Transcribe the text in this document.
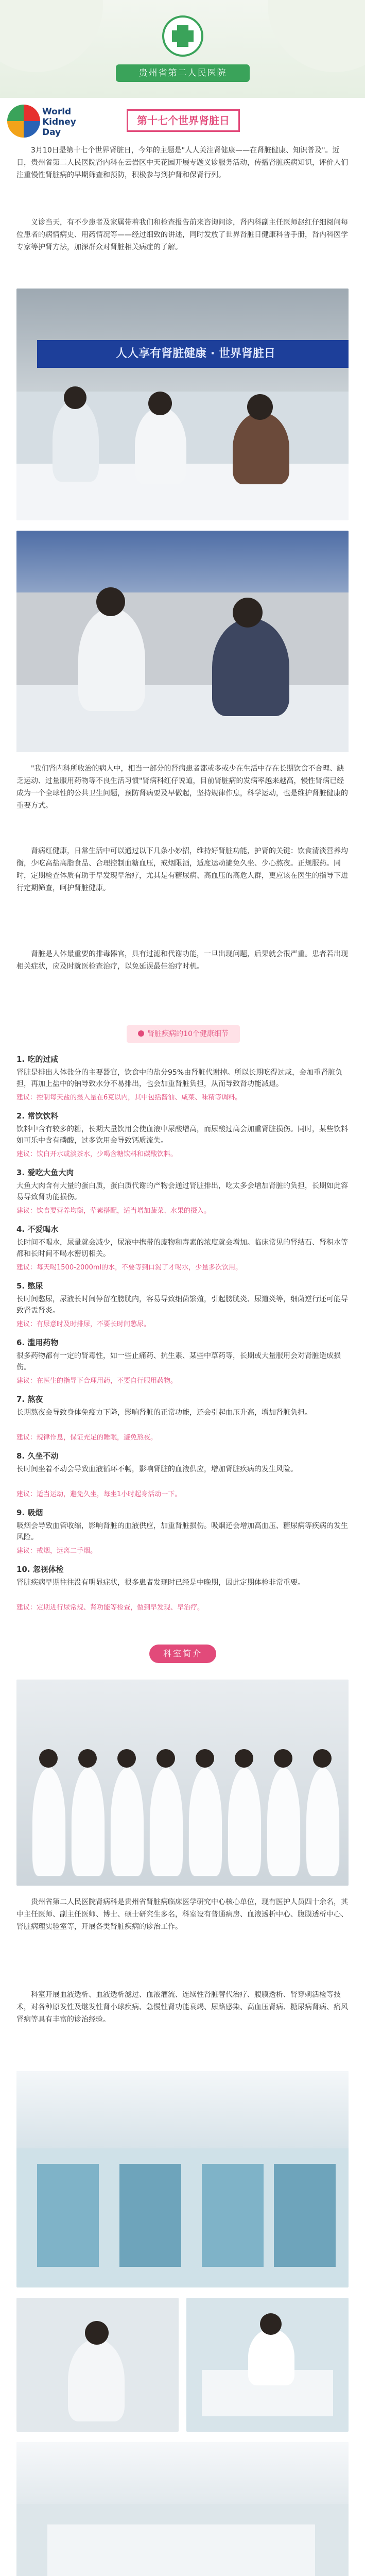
贵州省第二人民医院
World
Kidney
Day
第十七个世界肾脏日

3月10日是第十七个世界肾脏日，今年的主题是"人人关注肾健康——在肾脏健康、知识普及"。近日，贵州省第二人民医院肾内科在云岩区中天花园开展专题义诊服务活动，传播肾脏疾病知识，评价人们注重慢性肾脏病的早期筛查和预防，积极参与到护肾和保肾行列。

义诊当天，有不少患者及家属带着我们和检查报告前来咨询问诊，肾内科副主任医师赵红仔细阅问每位患者的病情病史、用药情况等——经过细致的讲述，同时发放了世界肾脏日健康科普手册，肾内科医学专家等护肾方法，加深群众对肾脏相关病症的了解。

人人享有肾脏健康 · 世界肾脏日

"我们肾内科所收治的病人中，相当一部分的肾病患者都或多或少在生活中存在长期饮食不合理、缺乏运动、过量服用药物等不良生活习惯"肾病科红仔说道，目前肾脏病的发病率越来越高，慢性肾病已经成为一个全球性的公共卫生问题，预防肾病要及早做起，坚持规律作息，科学运动，也是维护肾脏健康的重要方式。

肾病红健康，日常生活中可以通过以下几条小妙招，维持好肾脏功能，护肾的关键：饮食清淡营养均衡，少吃高盐高脂食品、合理控制血糖血压，戒烟限酒，适度运动避免久坐、少心熬夜。正规服药。同时，定期检查体质有助于早发现早治疗，尤其是有糖尿病、高血压的高危人群，更应该在医生的指导下进行定期筛查，呵护肾脏健康。

肾脏是人体最重要的排毒器官，具有过滤和代谢功能，一旦出现问题，后果就会很严重。患者若出现相关症状，应及时就医检查治疗，以免延误最佳治疗时机。

肾脏疾病的10个健康细节

1. 吃的过咸

肾脏是排出人体盐分的主要器官，饮食中的盐分95%由肾脏代谢掉。所以长期吃得过咸，会加重肾脏负担，再加上盐中的钠导致水分不易排出，也会加重肾脏负担，从而导致肾功能减退。

建议：控制每天盐的摄入量在6克以内，其中包括酱油、咸菜、味精等调料。

2. 常饮饮料

饮料中含有较多的糖，长期大量饮用会使血液中尿酸增高，而尿酸过高会加重肾脏损伤。同时，某些饮料如可乐中含有磷酸，过多饮用会导致钙质流失。

建议：饮白开水或淡茶水，少喝含糖饮料和碳酸饮料。

3. 爱吃大鱼大肉

大鱼大肉含有大量的蛋白质，蛋白质代谢的产物会通过肾脏排出，吃太多会增加肾脏的负担，长期如此容易导致肾功能损伤。

建议：饮食要营养均衡，荤素搭配，适当增加蔬菜、水果的摄入。

4. 不爱喝水

长时间不喝水，尿量就会减少，尿液中携带的废物和毒素的浓度就会增加。临床常见的肾结石、肾积水等都和长时间不喝水密切相关。

建议：每天喝1500-2000ml的水，不要等到口渴了才喝水，少量多次饮用。

5. 憋尿

长时间憋尿，尿液长时间停留在膀胱内，容易导致细菌繁殖，引起膀胱炎、尿道炎等，细菌逆行还可能导致肾盂肾炎。

建议：有尿意时及时排尿，不要长时间憋尿。

6. 滥用药物

很多药物都有一定的肾毒性，如一些止痛药、抗生素、某些中草药等，长期或大量服用会对肾脏造成损伤。

建议：在医生的指导下合理用药，不要自行服用药物。

7. 熬夜

长期熬夜会导致身体免疫力下降，影响肾脏的正常功能，还会引起血压升高，增加肾脏负担。

建议：规律作息，保证充足的睡眠，避免熬夜。

8. 久坐不动

长时间坐着不动会导致血液循环不畅，影响肾脏的血液供应，增加肾脏疾病的发生风险。

建议：适当运动，避免久坐，每坐1小时起身活动一下。

9. 吸烟

吸烟会导致血管收缩，影响肾脏的血液供应，加重肾脏损伤。吸烟还会增加高血压、糖尿病等疾病的发生风险。

建议：戒烟，远离二手烟。

10. 忽视体检

肾脏疾病早期往往没有明显症状，很多患者发现时已经是中晚期，因此定期体检非常重要。

建议：定期进行尿常规、肾功能等检查，做到早发现、早治疗。

科室简介

贵州省第二人民医院肾病科是贵州省肾脏病临床医学研究中心核心单位，现有医护人员四十余名，其中主任医师、副主任医师、博士、硕士研究生多名，科室设有普通病房、血液透析中心、腹膜透析中心、肾脏病理实验室等，开展各类肾脏疾病的诊治工作。

科室开展血液透析、血液透析滤过、血液灌流、连续性肾脏替代治疗、腹膜透析、肾穿刺活检等技术，对各种原发性及继发性肾小球疾病、急慢性肾功能衰竭、尿路感染、高血压肾病、糖尿病肾病、痛风肾病等具有丰富的诊治经验。
